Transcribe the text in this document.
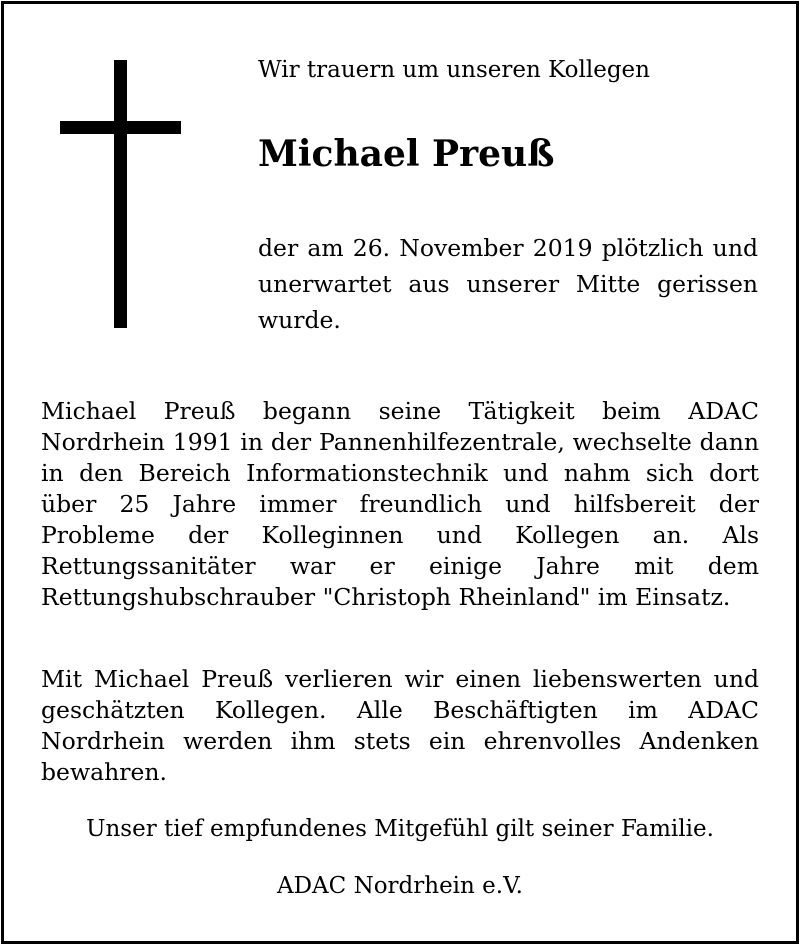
Wir trauern um unseren Kollegen
Michael Preuß
der am 26. November 2019 plötzlich und unerwartet aus unserer Mitte gerissen wurde.
Michael Preuß begann seine Tätigkeit beim ADAC Nordrhein 1991 in der Pannenhilfezentrale, wechselte dann in den Bereich Informationstechnik und nahm sich dort über 25 Jahre immer freundlich und hilfsbereit der Probleme der Kolleginnen und Kollegen an. Als Rettungssanitäter war er einige Jahre mit dem Rettungshubschrauber "Christoph Rheinland" im Einsatz.
Mit Michael Preuß verlieren wir einen liebenswerten und geschätzten Kollegen. Alle Beschäftigten im ADAC Nordrhein werden ihm stets ein ehrenvolles Andenken bewahren.
Unser tief empfundenes Mitgefühl gilt seiner Familie.
ADAC Nordrhein e.V.
